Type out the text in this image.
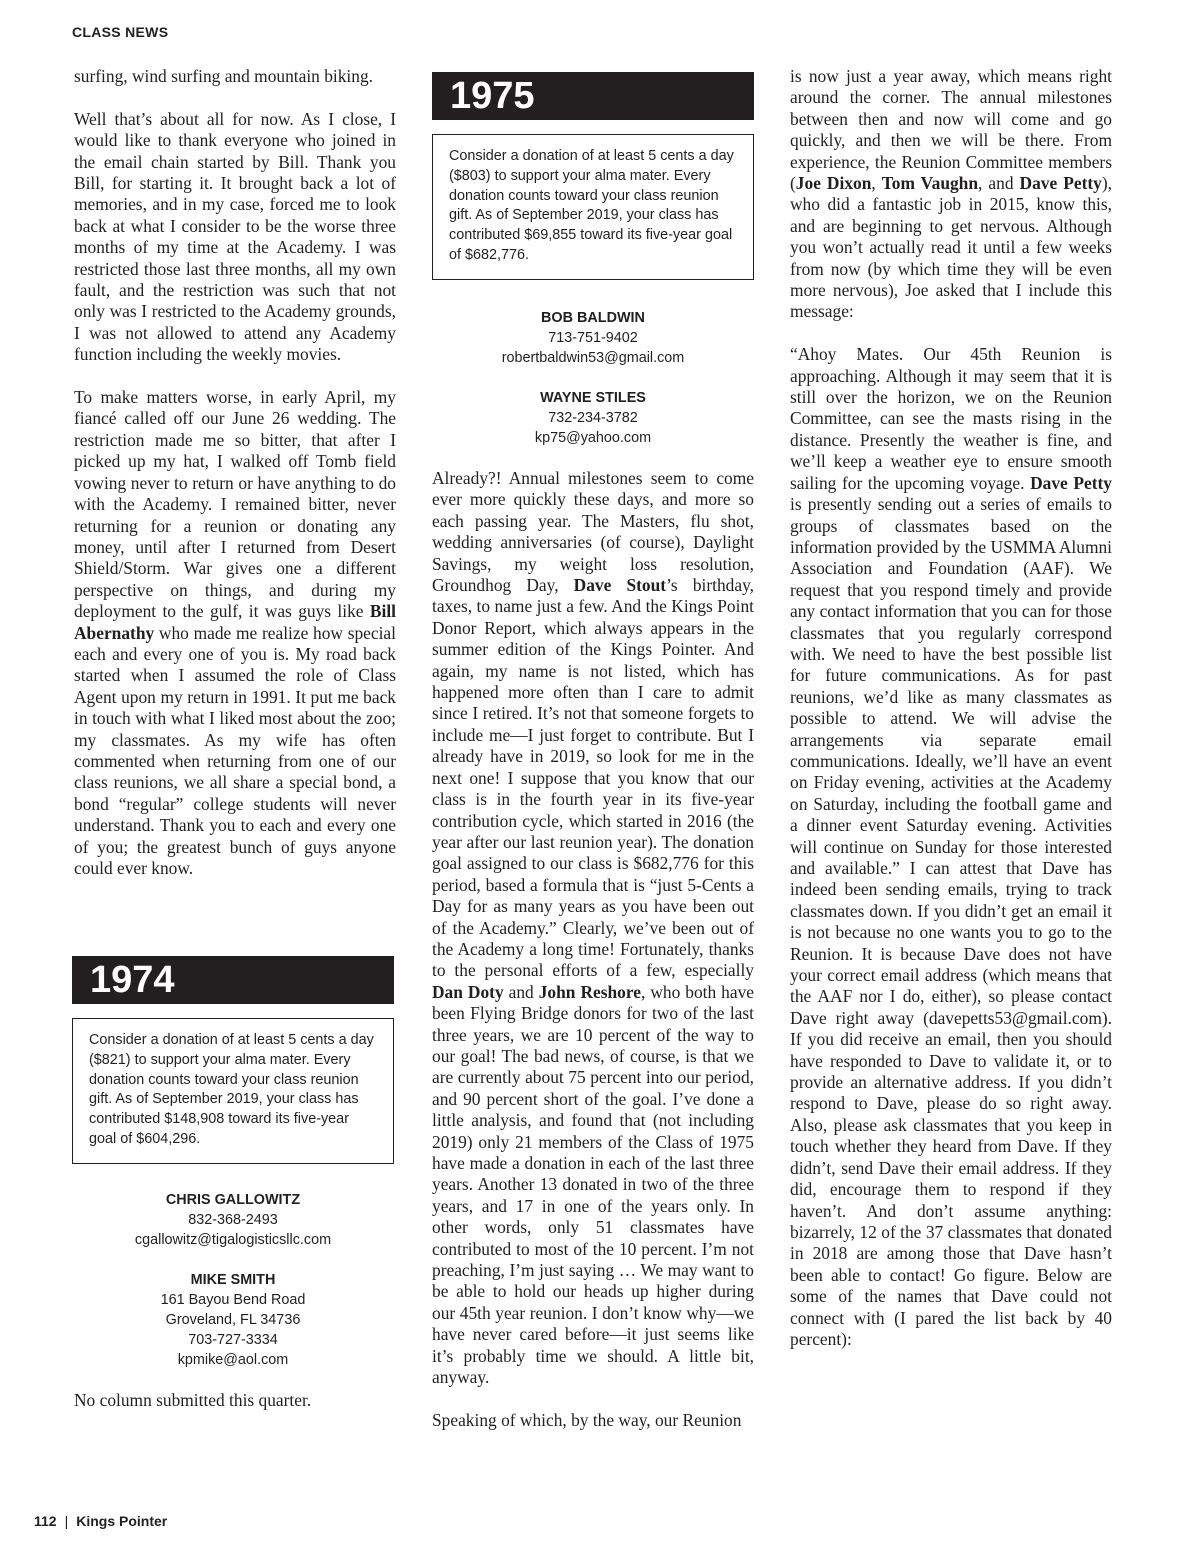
CLASS NEWS

surfing, wind surfing and mountain biking.

Well that’s about all for now. As I close, I would like to thank everyone who joined in the email chain started by Bill. Thank you Bill, for starting it. It brought back a lot of memories, and in my case, forced me to look back at what I consider to be the worse three months of my time at the Academy. I was restricted those last three months, all my own fault, and the restriction was such that not only was I restricted to the Academy grounds, I was not allowed to attend any Academy function including the weekly movies.

To make matters worse, in early April, my fiancé called off our June 26 wedding. The restriction made me so bitter, that after I picked up my hat, I walked off Tomb field vowing never to return or have anything to do with the Academy. I remained bitter, never returning for a reunion or donating any money, until after I returned from Desert Shield/Storm. War gives one a different perspective on things, and during my deployment to the gulf, it was guys like Bill Abernathy who made me realize how special each and every one of you is. My road back started when I assumed the role of Class Agent upon my return in 1991. It put me back in touch with what I liked most about the zoo; my classmates. As my wife has often commented when returning from one of our class reunions, we all share a special bond, a bond “regular” college students will never understand. Thank you to each and every one of you; the greatest bunch of guys anyone could ever know.

1974
Consider a donation of at least 5 cents a day ($821) to support your alma mater. Every donation counts toward your class reunion gift. As of September 2019, your class has contributed $148,908 toward its five-year goal of $604,296.
CHRIS GALLOWITZ
832-368-2493
cgallowitz@tigalogisticsllc.com
MIKE SMITH
161 Bayou Bend Road
Groveland, FL 34736
703-727-3334
kpmike@aol.com
No column submitted this quarter.
1975
Consider a donation of at least 5 cents a day ($803) to support your alma mater. Every donation counts toward your class reunion gift. As of September 2019, your class has contributed $69,855 toward its five-year goal of $682,776.
BOB BALDWIN
713-751-9402
robertbaldwin53@gmail.com
WAYNE STILES
732-234-3782
kp75@yahoo.com

Already?! Annual milestones seem to come ever more quickly these days, and more so each passing year. The Masters, flu shot, wedding anniversaries (of course), Daylight Savings, my weight loss resolution, Groundhog Day, Dave Stout’s birthday, taxes, to name just a few. And the Kings Point Donor Report, which always appears in the summer edition of the Kings Pointer. And again, my name is not listed, which has happened more often than I care to admit since I retired. It’s not that someone forgets to include me—I just forget to contribute. But I already have in 2019, so look for me in the next one! I suppose that you know that our class is in the fourth year in its five-year contribution cycle, which started in 2016 (the year after our last reunion year). The donation goal assigned to our class is $682,776 for this period, based a formula that is “just 5-Cents a Day for as many years as you have been out of the Academy.” Clearly, we’ve been out of the Academy a long time! Fortunately, thanks to the personal efforts of a few, especially Dan Doty and John Reshore, who both have been Flying Bridge donors for two of the last three years, we are 10 percent of the way to our goal! The bad news, of course, is that we are currently about 75 percent into our period, and 90 percent short of the goal. I’ve done a little analysis, and found that (not including 2019) only 21 members of the Class of 1975 have made a donation in each of the last three years. Another 13 donated in two of the three years, and 17 in one of the years only. In other words, only 51 classmates have contributed to most of the 10 percent. I’m not preaching, I’m just saying … We may want to be able to hold our heads up higher during our 45th year reunion. I don’t know why—we have never cared before—it just seems like it’s probably time we should. A little bit, anyway.

Speaking of which, by the way, our Reunion

is now just a year away, which means right around the corner. The annual milestones between then and now will come and go quickly, and then we will be there. From experience, the Reunion Committee members (Joe Dixon, Tom Vaughn, and Dave Petty), who did a fantastic job in 2015, know this, and are beginning to get nervous. Although you won’t actually read it until a few weeks from now (by which time they will be even more nervous), Joe asked that I include this message:

“Ahoy Mates. Our 45th Reunion is approaching. Although it may seem that it is still over the horizon, we on the Reunion Committee, can see the masts rising in the distance. Presently the weather is fine, and we’ll keep a weather eye to ensure smooth sailing for the upcoming voyage. Dave Petty is presently sending out a series of emails to groups of classmates based on the information provided by the USMMA Alumni Association and Foundation (AAF). We request that you respond timely and provide any contact information that you can for those classmates that you regularly correspond with. We need to have the best possible list for future communications. As for past reunions, we’d like as many classmates as possible to attend. We will advise the arrangements via separate email communications. Ideally, we’ll have an event on Friday evening, activities at the Academy on Saturday, including the football game and a dinner event Saturday evening. Activities will continue on Sunday for those interested and available.” I can attest that Dave has indeed been sending emails, trying to track classmates down. If you didn’t get an email it is not because no one wants you to go to the Reunion. It is because Dave does not have your correct email address (which means that the AAF nor I do, either), so please contact Dave right away (davepetts53@gmail.com). If you did receive an email, then you should have responded to Dave to validate it, or to provide an alternative address. If you didn’t respond to Dave, please do so right away. Also, please ask classmates that you keep in touch whether they heard from Dave. If they didn’t, send Dave their email address. If they did, encourage them to respond if they haven’t. And don’t assume anything: bizarrely, 12 of the 37 classmates that donated in 2018 are among those that Dave hasn’t been able to contact! Go figure. Below are some of the names that Dave could not connect with (I pared the list back by 40 percent):

112 | Kings Pointer
